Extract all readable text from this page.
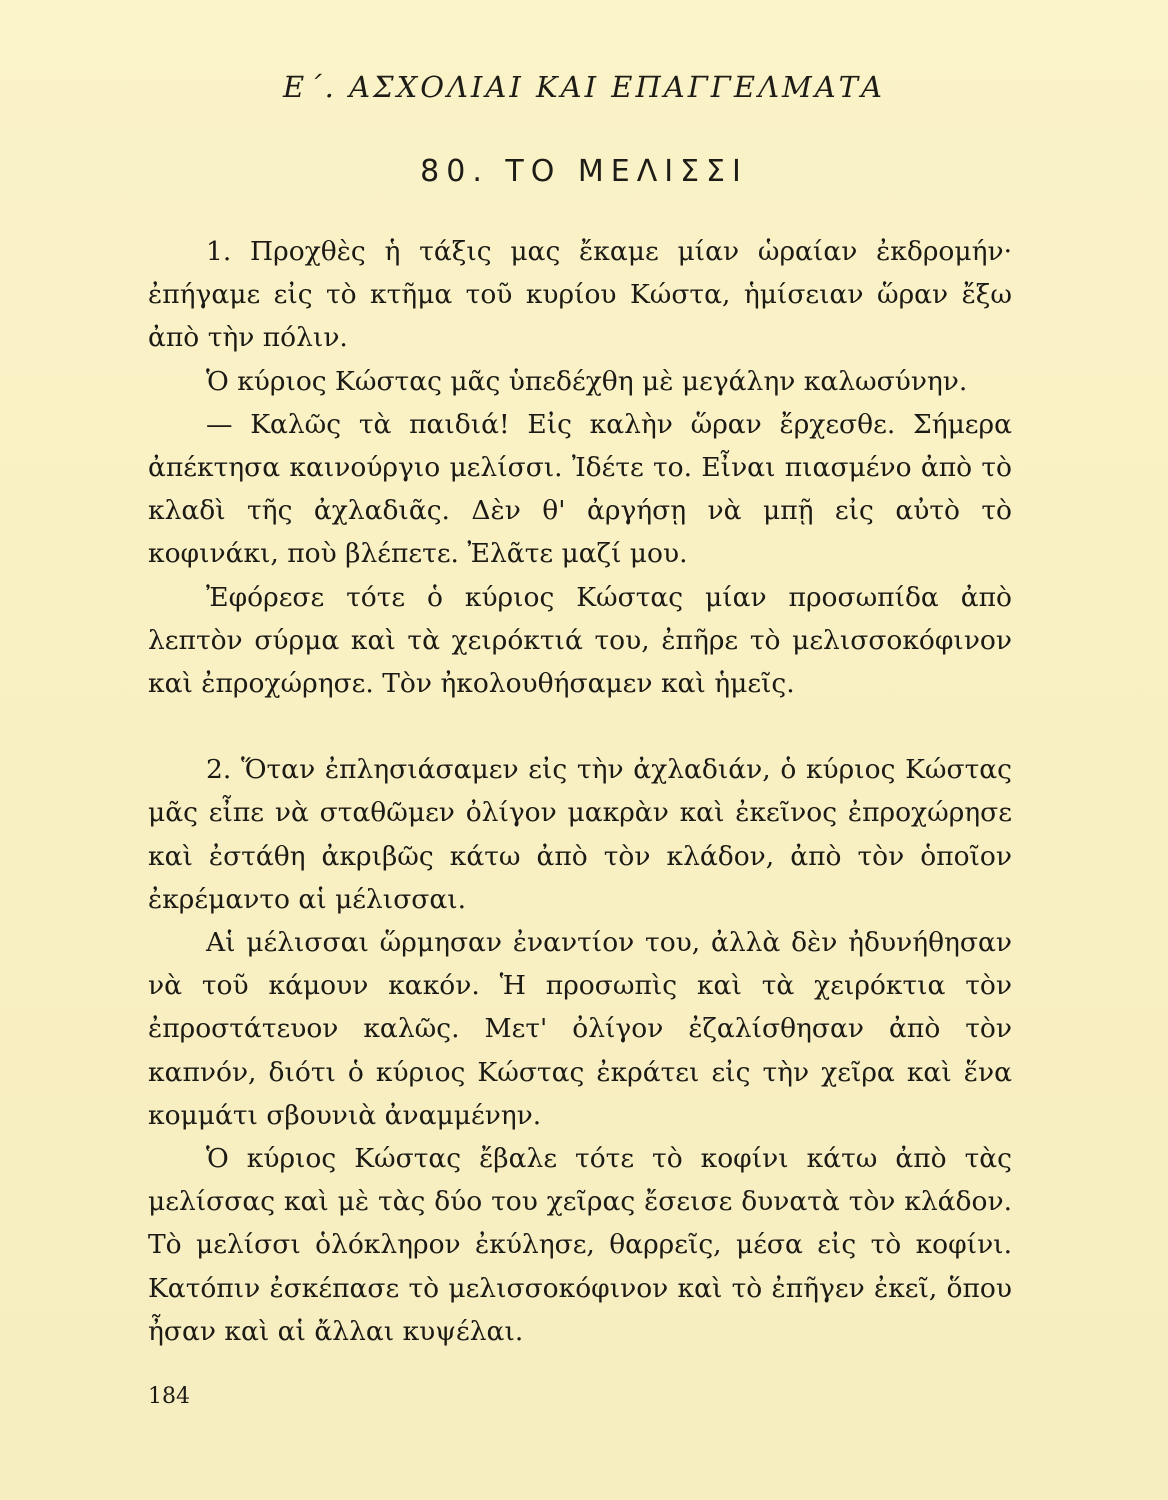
Ε΄. ΑΣΧΟΛΙΑΙ ΚΑΙ ΕΠΑΓΓΕΛΜΑΤΑ
80. ΤΟ ΜΕΛΙΣΣΙ

1. Προχθὲς ἡ τάξις μας ἔκαμε μίαν ὡραίαν ἐκδρομήν· ἐπήγαμε εἰς τὸ κτῆμα τοῦ κυρίου Κώστα, ἡμίσειαν ὥραν ἔξω ἀπὸ τὴν πόλιν.

Ὁ κύριος Κώστας μᾶς ὑπεδέχθη μὲ μεγάλην καλωσύνην.

— Καλῶς τὰ παιδιά! Εἰς καλὴν ὥραν ἔρχεσθε. Σήμερα ἀπέκτησα καινούργιο μελίσσι. Ἰδέτε το. Εἶναι πιασμένο ἀπὸ τὸ κλαδὶ τῆς ἀχλαδιᾶς. Δὲν θ' ἀργήσῃ νὰ μπῇ εἰς αὐτὸ τὸ κοφινάκι, ποὺ βλέπετε. Ἐλᾶτε μαζί μου.

Ἐφόρεσε τότε ὁ κύριος Κώστας μίαν προσωπίδα ἀπὸ λεπτὸν σύρμα καὶ τὰ χειρόκτιά του, ἐπῆρε τὸ μελισσοκόφινον καὶ ἐπροχώρησε. Τὸν ἠκολουθήσαμεν καὶ ἡμεῖς.

2. Ὅταν ἐπλησιάσαμεν εἰς τὴν ἀχλαδιάν, ὁ κύριος Κώστας μᾶς εἶπε νὰ σταθῶμεν ὀλίγον μακρὰν καὶ ἐκεῖνος ἐπροχώρησε καὶ ἐστάθη ἀκριβῶς κάτω ἀπὸ τὸν κλάδον, ἀπὸ τὸν ὁποῖον ἐκρέμαντο αἱ μέλισσαι.

Αἱ μέλισσαι ὥρμησαν ἐναντίον του, ἀλλὰ δὲν ἠδυνήθησαν νὰ τοῦ κάμουν κακόν. Ἡ προσωπὶς καὶ τὰ χειρόκτια τὸν ἐπροστάτευον καλῶς. Μετ' ὀλίγον ἐζαλίσθησαν ἀπὸ τὸν καπνόν, διότι ὁ κύριος Κώστας ἐκράτει εἰς τὴν χεῖρα καὶ ἕνα κομμάτι σβουνιὰ ἀναμμένην.

Ὁ κύριος Κώστας ἔβαλε τότε τὸ κοφίνι κάτω ἀπὸ τὰς μελίσσας καὶ μὲ τὰς δύο του χεῖρας ἔσεισε δυνατὰ τὸν κλάδον. Τὸ μελίσσι ὁλόκληρον ἐκύλησε, θαρρεῖς, μέσα εἰς τὸ κοφίνι. Κατόπιν ἐσκέπασε τὸ μελισσοκόφινον καὶ τὸ ἐπῆγεν ἐκεῖ, ὅπου ἦσαν καὶ αἱ ἄλλαι κυψέλαι.

184
